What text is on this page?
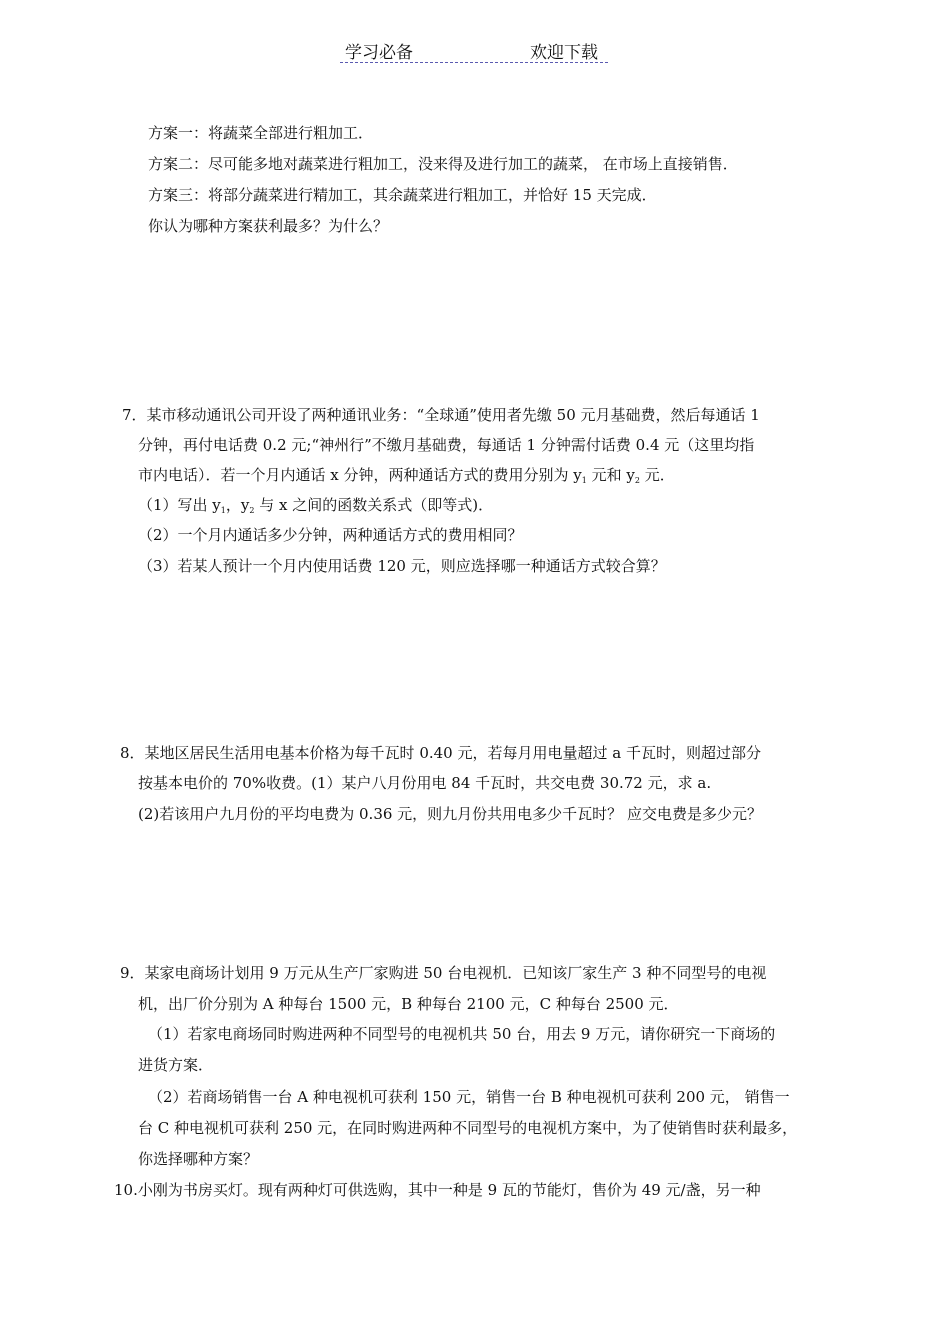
学习必备	欢迎下载
方案一：将蔬菜全部进行粗加工．
方案二：尽可能多地对蔬菜进行粗加工，没来得及进行加工的蔬菜， 在市场上直接销售．
方案三：将部分蔬菜进行精加工，其余蔬菜进行粗加工，并恰好 15 天完成．
你认为哪种方案获利最多？为什么？
7．某市移动通讯公司开设了两种通讯业务：“全球通”使用者先缴 50 元月基础费，然后每通话 1
分钟，再付电话费 0.2 元;“神州行”不缴月基础费，每通话 1 分钟需付话费 0.4 元（这里均指
市内电话）．若一个月内通话 x 分钟，两种通话方式的费用分别为 $y_1$ 元和 $y_2$ 元．
（1）写出 $y_1$，$y_2$ 与 x 之间的函数关系式（即等式)．
（2）一个月内通话多少分钟，两种通话方式的费用相同？
（3）若某人预计一个月内使用话费 120 元，则应选择哪一种通话方式较合算？
8．某地区居民生活用电基本价格为每千瓦时 0.40 元，若每月用电量超过 a 千瓦时，则超过部分
按基本电价的 70%收费。(1）某户八月份用电 84 千瓦时，共交电费 30.72 元，求 a.
(2)若该用户九月份的平均电费为 0.36 元，则九月份共用电多少千瓦时？ 应交电费是多少元？
9．某家电商场计划用 9 万元从生产厂家购进 50 台电视机．已知该厂家生产 3 种不同型号的电视
机，出厂价分别为 A 种每台 1500 元，B 种每台 2100 元，C 种每台 2500 元．
（1）若家电商场同时购进两种不同型号的电视机共 50 台，用去 9 万元，请你研究一下商场的
进货方案．
（2）若商场销售一台 A 种电视机可获利 150 元，销售一台 B 种电视机可获利 200 元， 销售一
台 C 种电视机可获利 250 元，在同时购进两种不同型号的电视机方案中，为了使销售时获利最多，
你选择哪种方案？
10.小刚为书房买灯。现有两种灯可供选购，其中一种是 9 瓦的节能灯，售价为 49 元/盏，另一种
